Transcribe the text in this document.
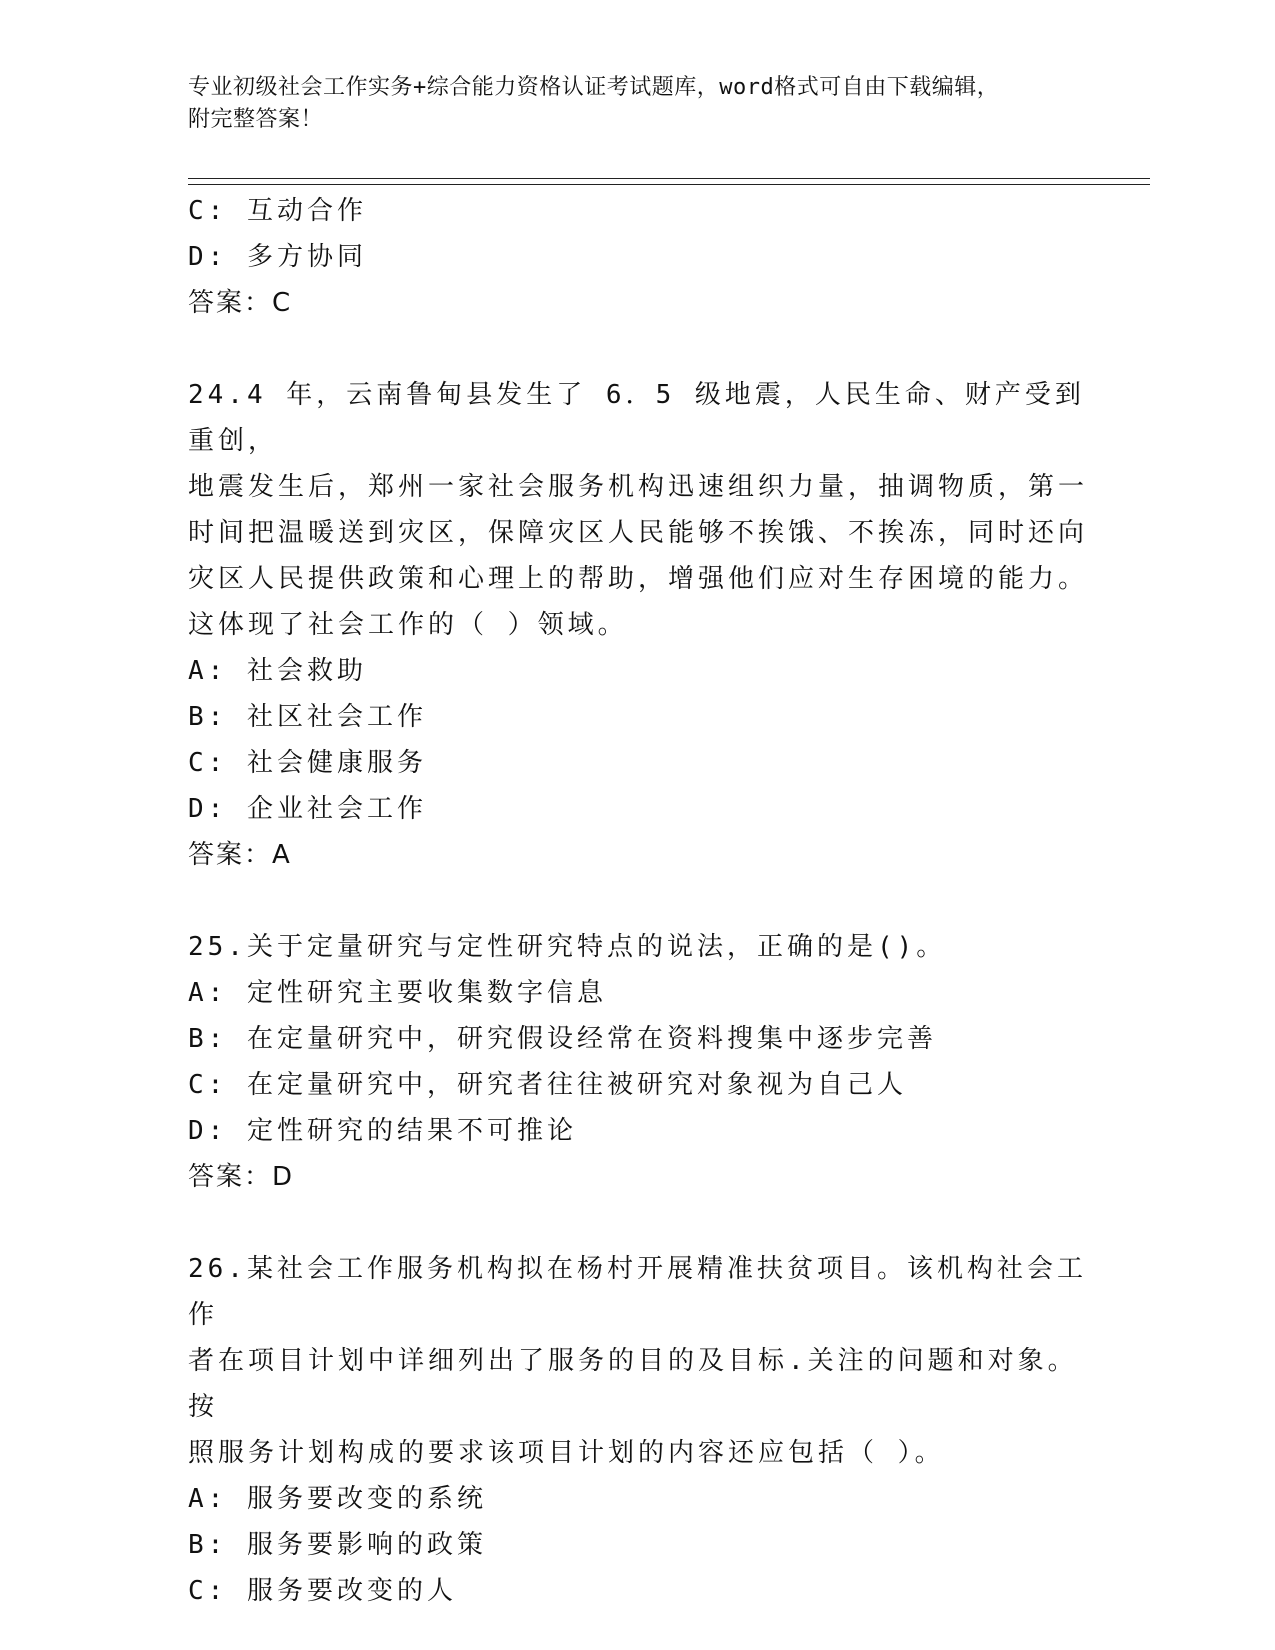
专业初级社会工作实务+综合能力资格认证考试题库，word格式可自由下载编辑，
附完整答案！
C: 互动合作
D: 多方协同
答案：C
24.4 年，云南鲁甸县发生了 6．5 级地震，人民生命、财产受到重创，
地震发生后，郑州一家社会服务机构迅速组织力量，抽调物质，第一
时间把温暖送到灾区，保障灾区人民能够不挨饿、不挨冻，同时还向
灾区人民提供政策和心理上的帮助，增强他们应对生存困境的能力。
这体现了社会工作的（ ）领域。
A: 社会救助
B: 社区社会工作
C: 社会健康服务
D: 企业社会工作
答案：A
25.关于定量研究与定性研究特点的说法，正确的是()。
A: 定性研究主要收集数字信息
B: 在定量研究中，研究假设经常在资料搜集中逐步完善
C: 在定量研究中，研究者往往被研究对象视为自己人
D: 定性研究的结果不可推论
答案：D
26.某社会工作服务机构拟在杨村开展精准扶贫项目。该机构社会工作
者在项目计划中详细列出了服务的目的及目标.关注的问题和对象。按
照服务计划构成的要求该项目计划的内容还应包括（ ）。
A: 服务要改变的系统
B: 服务要影响的政策
C: 服务要改变的人
